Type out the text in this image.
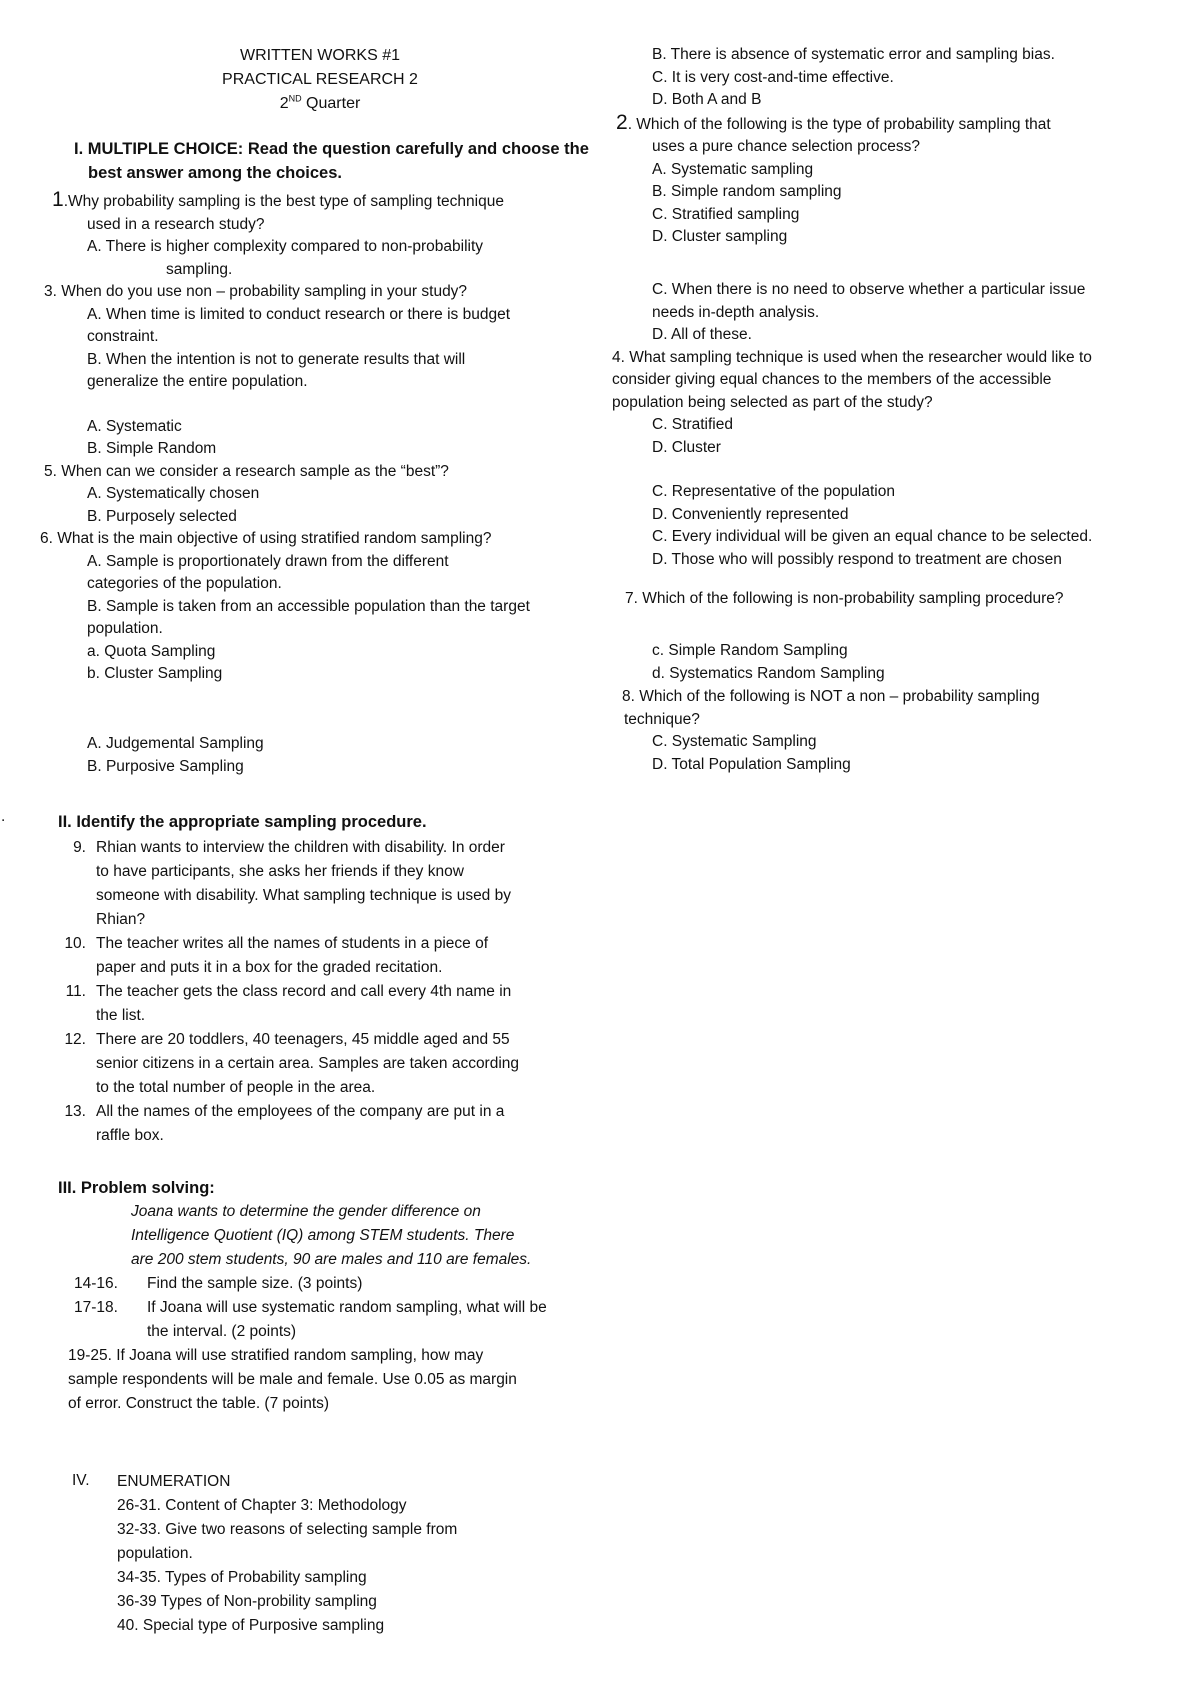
WRITTEN WORKS #1
PRACTICAL RESEARCH 2
2ND Quarter
I. MULTIPLE CHOICE: Read the question carefully and choose the
best answer among the choices.
1.Why probability sampling is the best type of sampling technique
used in a research study?
A. There is higher complexity compared to non-probability
sampling.
3. When do you use non – probability sampling in your study?
A. When time is limited to conduct research or there is budget
constraint.
B. When the intention is not to generate results that will
generalize the entire population.
A. Systematic
B. Simple Random
5. When can we consider a research sample as the “best”?
A. Systematically chosen
B. Purposely selected
6. What is the main objective of using stratified random sampling?
A. Sample is proportionately drawn from the different
categories of the population.
B. Sample is taken from an accessible population than the target
population.
a. Quota Sampling
b. Cluster Sampling
A. Judgemental Sampling
B. Purposive Sampling
B. There is absence of systematic error and sampling bias.
C. It is very cost-and-time effective.
D. Both A and B
2. Which of the following is the type of probability sampling that
uses a pure chance selection process?
A. Systematic sampling
B. Simple random sampling
C. Stratified sampling
D. Cluster sampling
C. When there is no need to observe whether a particular issue
needs in-depth analysis.
D. All of these.
4. What sampling technique is used when the researcher would like to
consider giving equal chances to the members of the accessible
population being selected as part of the study?
C. Stratified
D. Cluster
C. Representative of the population
D. Conveniently represented
C. Every individual will be given an equal chance to be selected.
D. Those who will possibly respond to treatment are chosen
7. Which of the following is non-probability sampling procedure?
c. Simple Random Sampling
d. Systematics Random Sampling
8. Which of the following is NOT a non – probability sampling
technique?
C. Systematic Sampling
D. Total Population Sampling
.	II. Identify the appropriate sampling procedure.
9. Rhian wants to interview the children with disability. In order
to have participants, she asks her friends if they know
someone with disability. What sampling technique is used by
Rhian?
10. The teacher writes all the names of students in a piece of
paper and puts it in a box for the graded recitation.
11. The teacher gets the class record and call every 4th name in
the list.
12. There are 20 toddlers, 40 teenagers, 45 middle aged and 55
senior citizens in a certain area. Samples are taken according
to the total number of people in the area.
13. All the names of the employees of the company are put in a
raffle box.
III. Problem solving:
Joana wants to determine the gender difference on
Intelligence Quotient (IQ) among STEM students. There
are 200 stem students, 90 are males and 110 are females.
14-16.	Find the sample size. (3 points)
17-18.	If Joana will use systematic random sampling, what will be
the interval. (2 points)
19-25. If Joana will use stratified random sampling, how may
sample respondents will be male and female. Use 0.05 as margin
of error. Construct the table. (7 points)
IV. ENUMERATION
26-31. Content of Chapter 3: Methodology
32-33. Give two reasons of selecting sample from
population.
34-35. Types of Probability sampling
36-39 Types of Non-probility sampling
40. Special type of Purposive sampling
